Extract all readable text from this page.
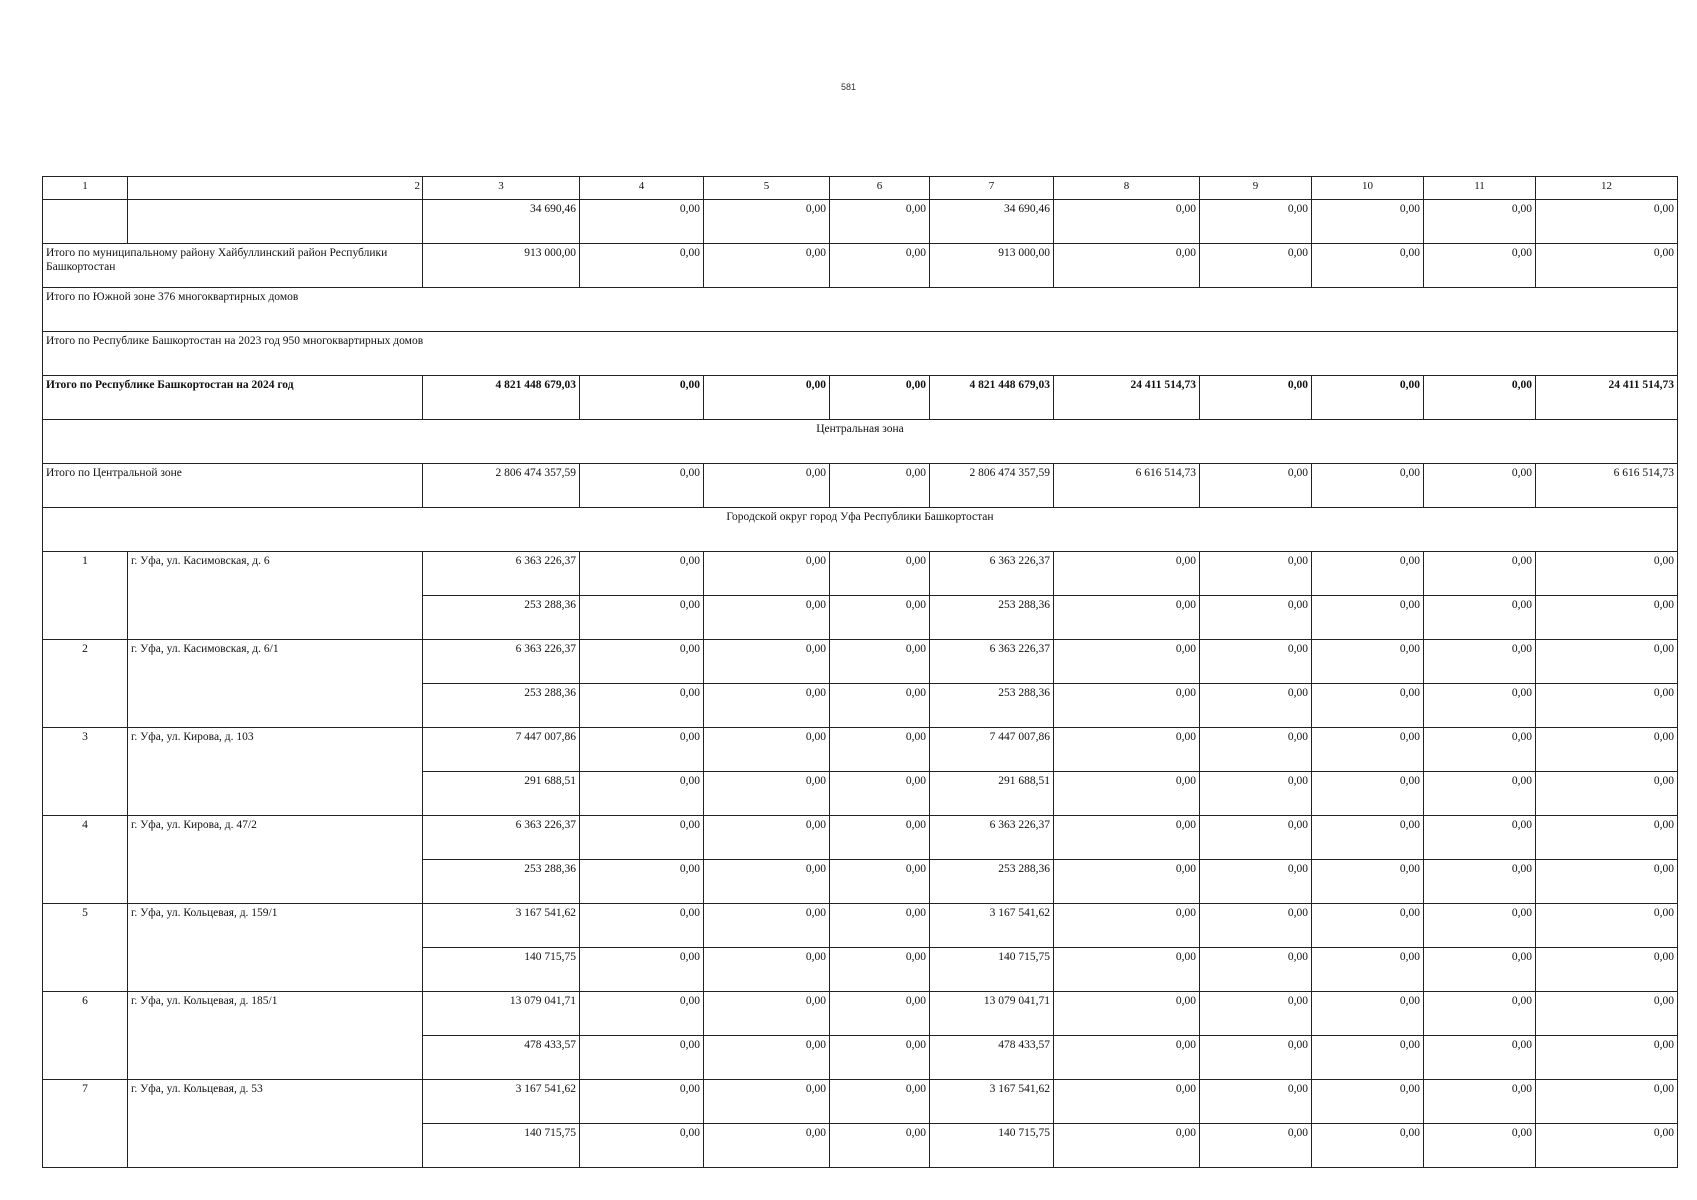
581
1	2	3	4	5	6	7	8	9	10	11	12
		34 690,46	0,00	0,00	0,00	34 690,46	0,00	0,00	0,00	0,00	0,00
Итого по муниципальному району Хайбуллинский район Республики Башкортостан		913 000,00	0,00	0,00	0,00	913 000,00	0,00	0,00	0,00	0,00	0,00
Итого по Южной зоне 376 многоквартирных домов											
Итого по Республике Башкортостан на 2023 год 950 многоквартирных домов											
Итого по Республике Башкортостан на 2024 год		4 821 448 679,03	0,00	0,00	0,00	4 821 448 679,03	24 411 514,73	0,00	0,00	0,00	24 411 514,73
Центральная зона											
Итого по Центральной зоне		2 806 474 357,59	0,00	0,00	0,00	2 806 474 357,59	6 616 514,73	0,00	0,00	0,00	6 616 514,73
Городской округ город Уфа Республики Башкортостан											
1	г. Уфа, ул. Касимовская, д. 6	6 363 226,37	0,00	0,00	0,00	6 363 226,37	0,00	0,00	0,00	0,00	0,00
		253 288,36	0,00	0,00	0,00	253 288,36	0,00	0,00	0,00	0,00	0,00
2	г. Уфа, ул. Касимовская, д. 6/1	6 363 226,37	0,00	0,00	0,00	6 363 226,37	0,00	0,00	0,00	0,00	0,00
		253 288,36	0,00	0,00	0,00	253 288,36	0,00	0,00	0,00	0,00	0,00
3	г. Уфа, ул. Кирова, д. 103	7 447 007,86	0,00	0,00	0,00	7 447 007,86	0,00	0,00	0,00	0,00	0,00
		291 688,51	0,00	0,00	0,00	291 688,51	0,00	0,00	0,00	0,00	0,00
4	г. Уфа, ул. Кирова, д. 47/2	6 363 226,37	0,00	0,00	0,00	6 363 226,37	0,00	0,00	0,00	0,00	0,00
		253 288,36	0,00	0,00	0,00	253 288,36	0,00	0,00	0,00	0,00	0,00
5	г. Уфа, ул. Кольцевая, д. 159/1	3 167 541,62	0,00	0,00	0,00	3 167 541,62	0,00	0,00	0,00	0,00	0,00
		140 715,75	0,00	0,00	0,00	140 715,75	0,00	0,00	0,00	0,00	0,00
6	г. Уфа, ул. Кольцевая, д. 185/1	13 079 041,71	0,00	0,00	0,00	13 079 041,71	0,00	0,00	0,00	0,00	0,00
		478 433,57	0,00	0,00	0,00	478 433,57	0,00	0,00	0,00	0,00	0,00
7	г. Уфа, ул. Кольцевая, д. 53	3 167 541,62	0,00	0,00	0,00	3 167 541,62	0,00	0,00	0,00	0,00	0,00
		140 715,75	0,00	0,00	0,00	140 715,75	0,00	0,00	0,00	0,00	0,00
